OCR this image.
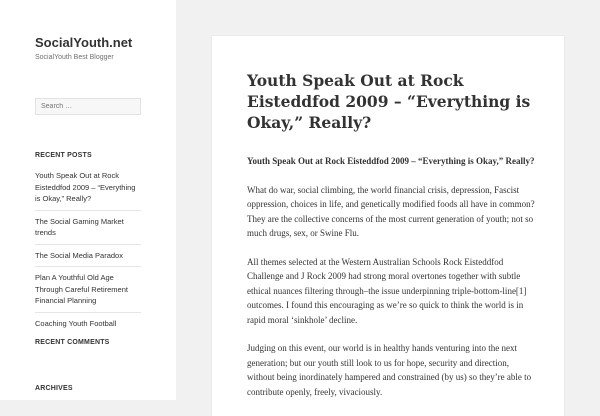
SocialYouth.net
SocialYouth Best Blogger
Search …
RECENT POSTS
Youth Speak Out at Rock Eisteddfod 2009 – “Everything is Okay,” Really?
The Social Gaming Market trends
The Social Media Paradox
Plan A Youthful Old Age Through Careful Retirement Financial Planning
Coaching Youth Football
RECENT COMMENTS
ARCHIVES
Youth Speak Out at Rock Eisteddfod 2009 – “Everything is Okay,” Really?

Youth Speak Out at Rock Eisteddfod 2009 – “Everything is Okay,” Really?

What do war, social climbing, the world financial crisis, depression, Fascist oppression, choices in life, and genetically modified foods all have in common? They are the collective concerns of the most current generation of youth; not so much drugs, sex, or Swine Flu.

All themes selected at the Western Australian Schools Rock Eisteddfod Challenge and J Rock 2009 had strong moral overtones together with subtle ethical nuances filtering through–the issue underpinning triple-bottom-line[1] outcomes. I found this encouraging as we’re so quick to think the world is in rapid moral ‘sinkhole’ decline.

Judging on this event, our world is in healthy hands venturing into the next generation; but our youth still look to us for hope, security and direction, without being inordinately hampered and constrained (by us) so they’re able to contribute openly, freely, vivaciously.
